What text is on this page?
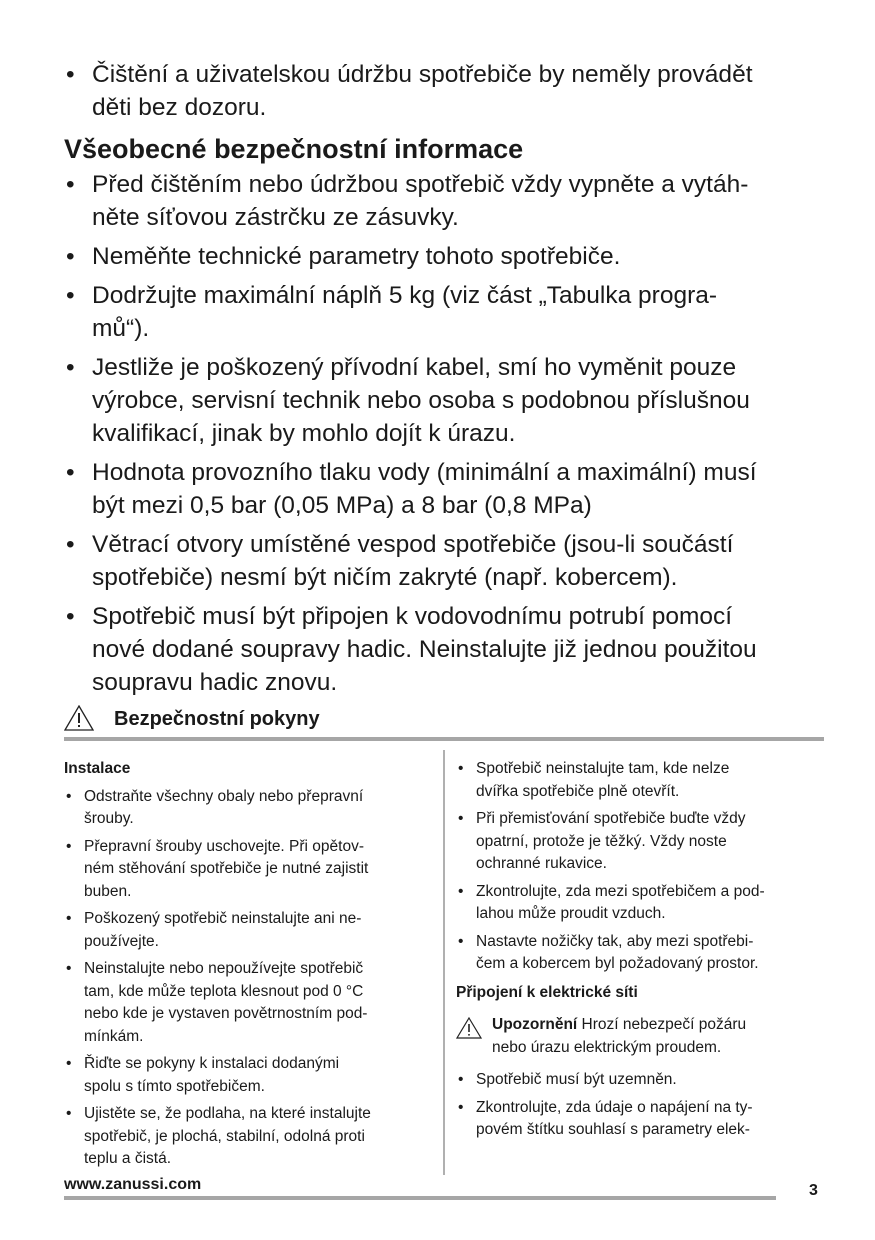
• Čištění a uživatelskou údržbu spotřebiče by neměly provádět
děti bez dozoru.
Všeobecné bezpečnostní informace
• Před čištěním nebo údržbou spotřebič vždy vypněte a vytáh-
něte síťovou zástrčku ze zásuvky.
• Neměňte technické parametry tohoto spotřebiče.
• Dodržujte maximální náplň 5 kg (viz část „Tabulka progra-
mů“).
• Jestliže je poškozený přívodní kabel, smí ho vyměnit pouze
výrobce, servisní technik nebo osoba s podobnou příslušnou
kvalifikací, jinak by mohlo dojít k úrazu.
• Hodnota provozního tlaku vody (minimální a maximální) musí
být mezi 0,5 bar (0,05 MPa) a 8 bar (0,8 MPa)
• Větrací otvory umístěné vespod spotřebiče (jsou-li součástí
spotřebiče) nesmí být ničím zakryté (např. kobercem).
• Spotřebič musí být připojen k vodovodnímu potrubí pomocí
nové dodané soupravy hadic. Neinstalujte již jednou použitou
soupravu hadic znovu.
Bezpečnostní pokyny
Instalace
• Odstraňte všechny obaly nebo přepravní
šrouby.
• Přepravní šrouby uschovejte. Při opětov-
ném stěhování spotřebiče je nutné zajistit
buben.
• Poškozený spotřebič neinstalujte ani ne-
používejte.
• Neinstalujte nebo nepoužívejte spotřebič
tam, kde může teplota klesnout pod 0 °C
nebo kde je vystaven povětrnostním pod-
mínkám.
• Řiďte se pokyny k instalaci dodanými
spolu s tímto spotřebičem.
• Ujistěte se, že podlaha, na které instalujte
spotřebič, je plochá, stabilní, odolná proti
teplu a čistá.
• Spotřebič neinstalujte tam, kde nelze
dvířka spotřebiče plně otevřít.
• Při přemisťování spotřebiče buďte vždy
opatrní, protože je těžký. Vždy noste
ochranné rukavice.
• Zkontrolujte, zda mezi spotřebičem a pod-
lahou může proudit vzduch.
• Nastavte nožičky tak, aby mezi spotřebi-
čem a kobercem byl požadovaný prostor.
Připojení k elektrické síti
Upozornění Hrozí nebezpečí požáru
nebo úrazu elektrickým proudem.
• Spotřebič musí být uzemněn.
• Zkontrolujte, zda údaje o napájení na ty-
povém štítku souhlasí s parametry elek-
www.zanussi.com	3
